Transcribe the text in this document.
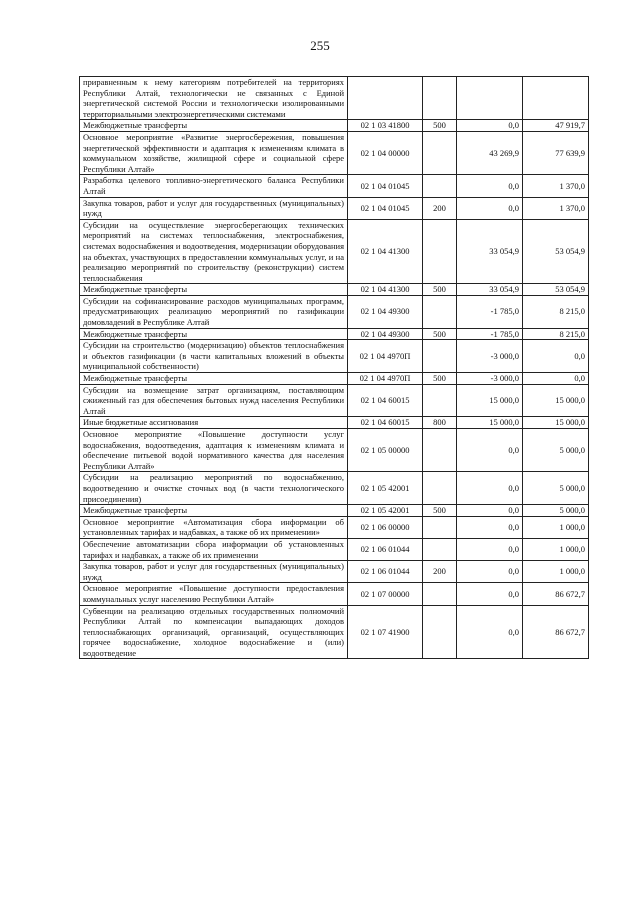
255
приравненным к нему категориям потребителей на территориях Республики Алтай, технологически не связанных с Единой энергетической системой России и технологически изолированными территориальными электроэнергетическими системами				
Межбюджетные трансферты	02 1 03 41800	500	0,0	47 919,7
Основное мероприятие «Развитие энергосбережения, повышения энергетической эффективности и адаптация к изменениям климата в коммунальном хозяйстве, жилищной сфере и социальной сфере Республики Алтай»	02 1 04 00000		43 269,9	77 639,9
Разработка целевого топливно-энергетического баланса Республики Алтай	02 1 04 01045		0,0	1 370,0
Закупка товаров, работ и услуг для государственных (муниципальных) нужд	02 1 04 01045	200	0,0	1 370,0
Субсидии на осуществление энергосберегающих технических мероприятий на системах теплоснабжения, электроснабжения, системах водоснабжения и водоотведения, модернизации оборудования на объектах, участвующих в предоставлении коммунальных услуг, и на реализацию мероприятий по строительству (реконструкции) систем теплоснабжения	02 1 04 41300		33 054,9	53 054,9
Межбюджетные трансферты	02 1 04 41300	500	33 054,9	53 054,9
Субсидии на софинансирование расходов муниципальных программ, предусматривающих реализацию мероприятий по газификации домовладений в Республике Алтай	02 1 04 49300		-1 785,0	8 215,0
Межбюджетные трансферты	02 1 04 49300	500	-1 785,0	8 215,0
Субсидии на строительство (модернизацию) объектов теплоснабжения и объектов газификации (в части капитальных вложений в объекты муниципальной собственности)	02 1 04 4970П		-3 000,0	0,0
Межбюджетные трансферты	02 1 04 4970П	500	-3 000,0	0,0
Субсидии на возмещение затрат организациям, поставляющим сжиженный газ для обеспечения бытовых нужд населения Республики Алтай	02 1 04 60015		15 000,0	15 000,0
Иные бюджетные ассигнования	02 1 04 60015	800	15 000,0	15 000,0
Основное мероприятие «Повышение доступности услуг водоснабжения, водоотведения, адаптация к изменениям климата и обеспечение питьевой водой нормативного качества для населения Республики Алтай»	02 1 05 00000		0,0	5 000,0
Субсидии на реализацию мероприятий по водоснабжению, водоотведению и очистке сточных вод (в части технологического присоединения)	02 1 05 42001		0,0	5 000,0
Межбюджетные трансферты	02 1 05 42001	500	0,0	5 000,0
Основное мероприятие «Автоматизация сбора информации об установленных тарифах и надбавках, а также об их применении»	02 1 06 00000		0,0	1 000,0
Обеспечение автоматизации сбора информации об установленных тарифах и надбавках, а также об их применении	02 1 06 01044		0,0	1 000,0
Закупка товаров, работ и услуг для государственных (муниципальных) нужд	02 1 06 01044	200	0,0	1 000,0
Основное мероприятие «Повышение доступности предоставления коммунальных услуг населению Республики Алтай»	02 1 07 00000		0,0	86 672,7
Субвенции на реализацию отдельных государственных полномочий Республики Алтай по компенсации выпадающих доходов теплоснабжающих организаций, организаций, осуществляющих горячее водоснабжение, холодное водоснабжение и (или) водоотведение	02 1 07 41900		0,0	86 672,7
